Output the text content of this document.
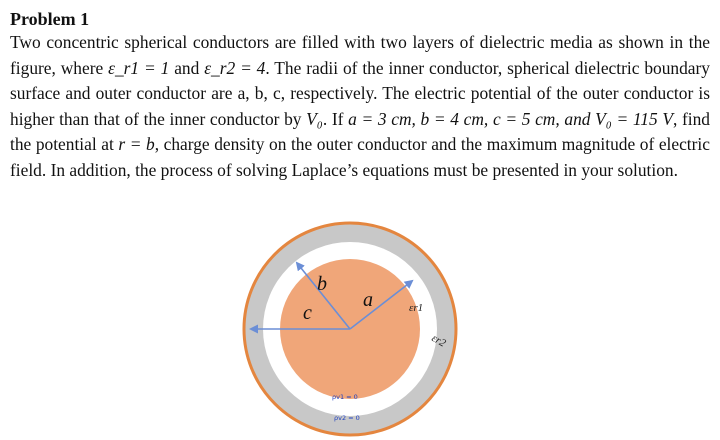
Problem 1

Two concentric spherical conductors are filled with two layers of dielectric media as shown in the figure, where ε_r1 = 1 and ε_r2 = 4. The radii of the inner conductor, spherical dielectric boundary surface and outer conductor are a, b, c, respectively. The electric potential of the outer conductor is higher than that of the inner conductor by V₀. If a = 3 cm, b = 4 cm, c = 5 cm, and V₀ = 115 V, find the potential at r = b, charge density on the outer conductor and the maximum magnitude of electric field. In addition, the process of solving Laplace’s equations must be presented in your solution.

b
a
c	εr1
εr2
ρv1 = 0
ρv2 = 0
